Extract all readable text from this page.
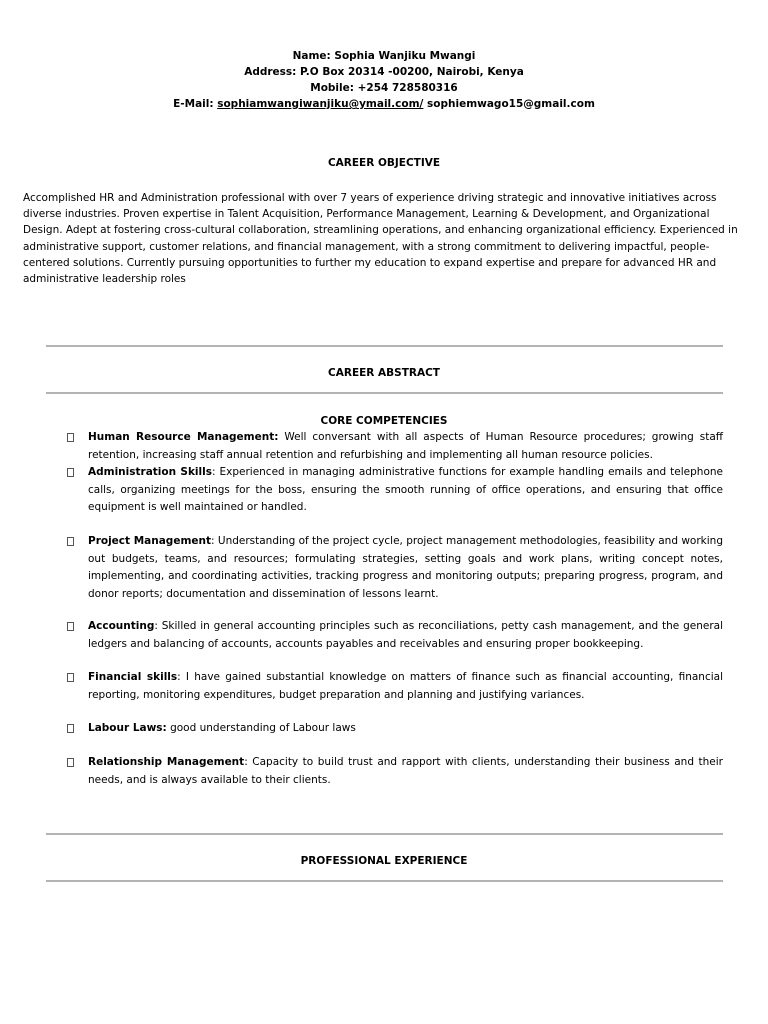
Name: Sophia Wanjiku Mwangi
Address: P.O Box 20314 -00200, Nairobi, Kenya
Mobile: +254 728580316
E-Mail: sophiamwangiwanjiku@ymail.com/ sophiemwago15@gmail.com
CAREER OBJECTIVE
Accomplished HR and Administration professional with over 7 years of experience driving strategic and innovative initiatives across diverse industries. Proven expertise in Talent Acquisition, Performance Management, Learning & Development, and Organizational Design. Adept at fostering cross-cultural collaboration, streamlining operations, and enhancing organizational efficiency. Experienced in administrative support, customer relations, and financial management, with a strong commitment to delivering impactful, people-centered solutions. Currently pursuing opportunities to further my education to expand expertise and prepare for advanced HR and administrative leadership roles
CAREER ABSTRACT
CORE COMPETENCIES
Human Resource Management: Well conversant with all aspects of Human Resource procedures; growing staff retention, increasing staff annual retention and refurbishing and implementing all human resource policies.
Administration Skills: Experienced in managing administrative functions for example handling emails and telephone calls, organizing meetings for the boss, ensuring the smooth running of office operations, and ensuring that office equipment is well maintained or handled.
Project Management: Understanding of the project cycle, project management methodologies, feasibility and working out budgets, teams, and resources; formulating strategies, setting goals and work plans, writing concept notes, implementing, and coordinating activities, tracking progress and monitoring outputs; preparing progress, program, and donor reports; documentation and dissemination of lessons learnt.
Accounting: Skilled in general accounting principles such as reconciliations, petty cash management, and the general ledgers and balancing of accounts, accounts payables and receivables and ensuring proper bookkeeping.
Financial skills: I have gained substantial knowledge on matters of finance such as financial accounting, financial reporting, monitoring expenditures, budget preparation and planning and justifying variances.
Labour Laws: good understanding of Labour laws
Relationship Management: Capacity to build trust and rapport with clients, understanding their business and their needs, and is always available to their clients.
PROFESSIONAL EXPERIENCE
